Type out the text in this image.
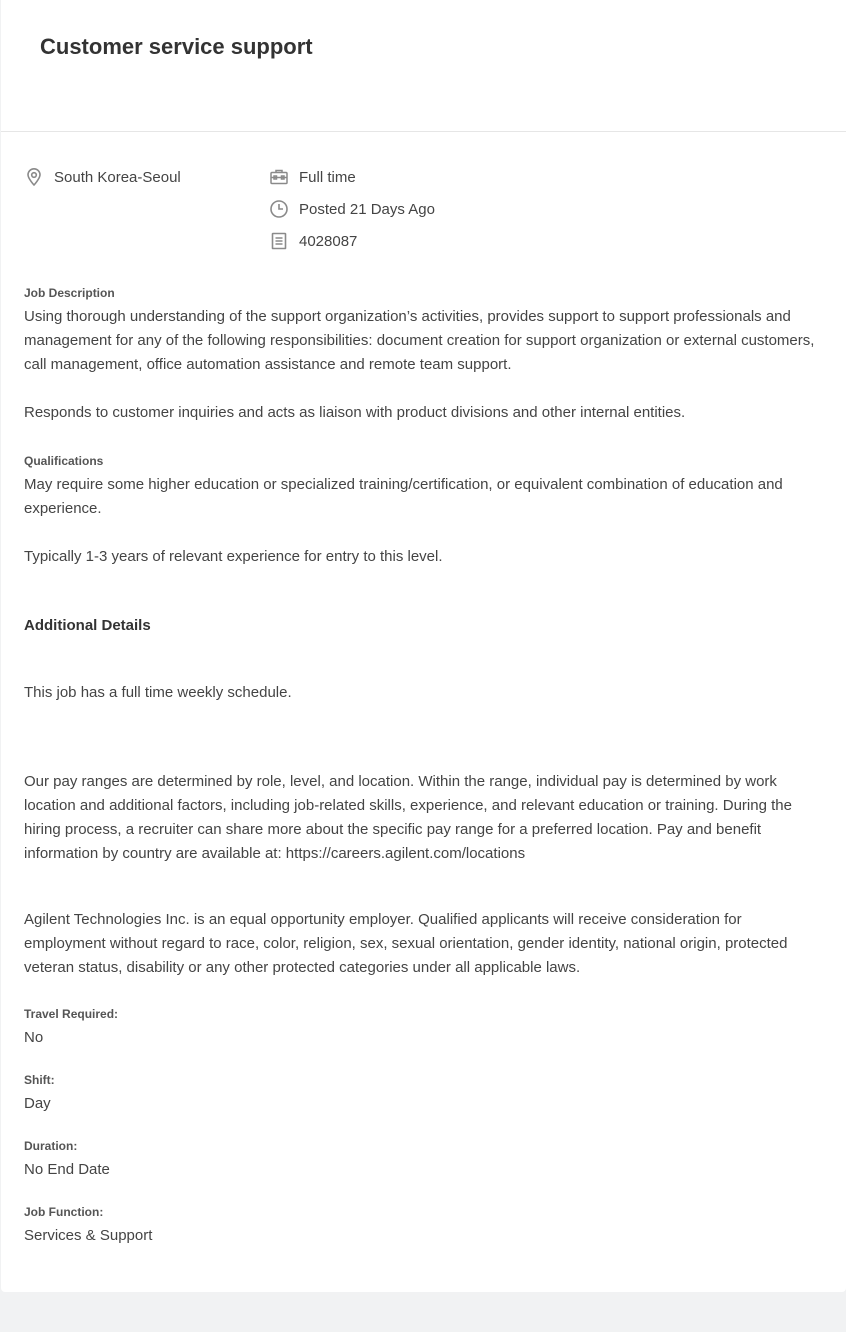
Customer service support
South Korea-Seoul	Full time
Posted 21 Days Ago
4028087

Job Description

Using thorough understanding of the support organization’s activities, provides support to support professionals and management for any of the following responsibilities: document creation for support organization or external customers, call management, office automation assistance and remote team support.

Responds to customer inquiries and acts as liaison with product divisions and other internal entities.

Qualifications

May require some higher education or specialized training/certification, or equivalent combination of education and experience.

Typically 1-3 years of relevant experience for entry to this level.

Additional Details

This job has a full time weekly schedule.

Our pay ranges are determined by role, level, and location. Within the range, individual pay is determined by work location and additional factors, including job-related skills, experience, and relevant education or training. During the hiring process, a recruiter can share more about the specific pay range for a preferred location. Pay and benefit information by country are available at: https://careers.agilent.com/locations

Agilent Technologies Inc. is an equal opportunity employer. Qualified applicants will receive consideration for employment without regard to race, color, religion, sex, sexual orientation, gender identity, national origin, protected veteran status, disability or any other protected categories under all applicable laws.

Travel Required:

No

Shift:

Day

Duration:

No End Date

Job Function:

Services & Support
